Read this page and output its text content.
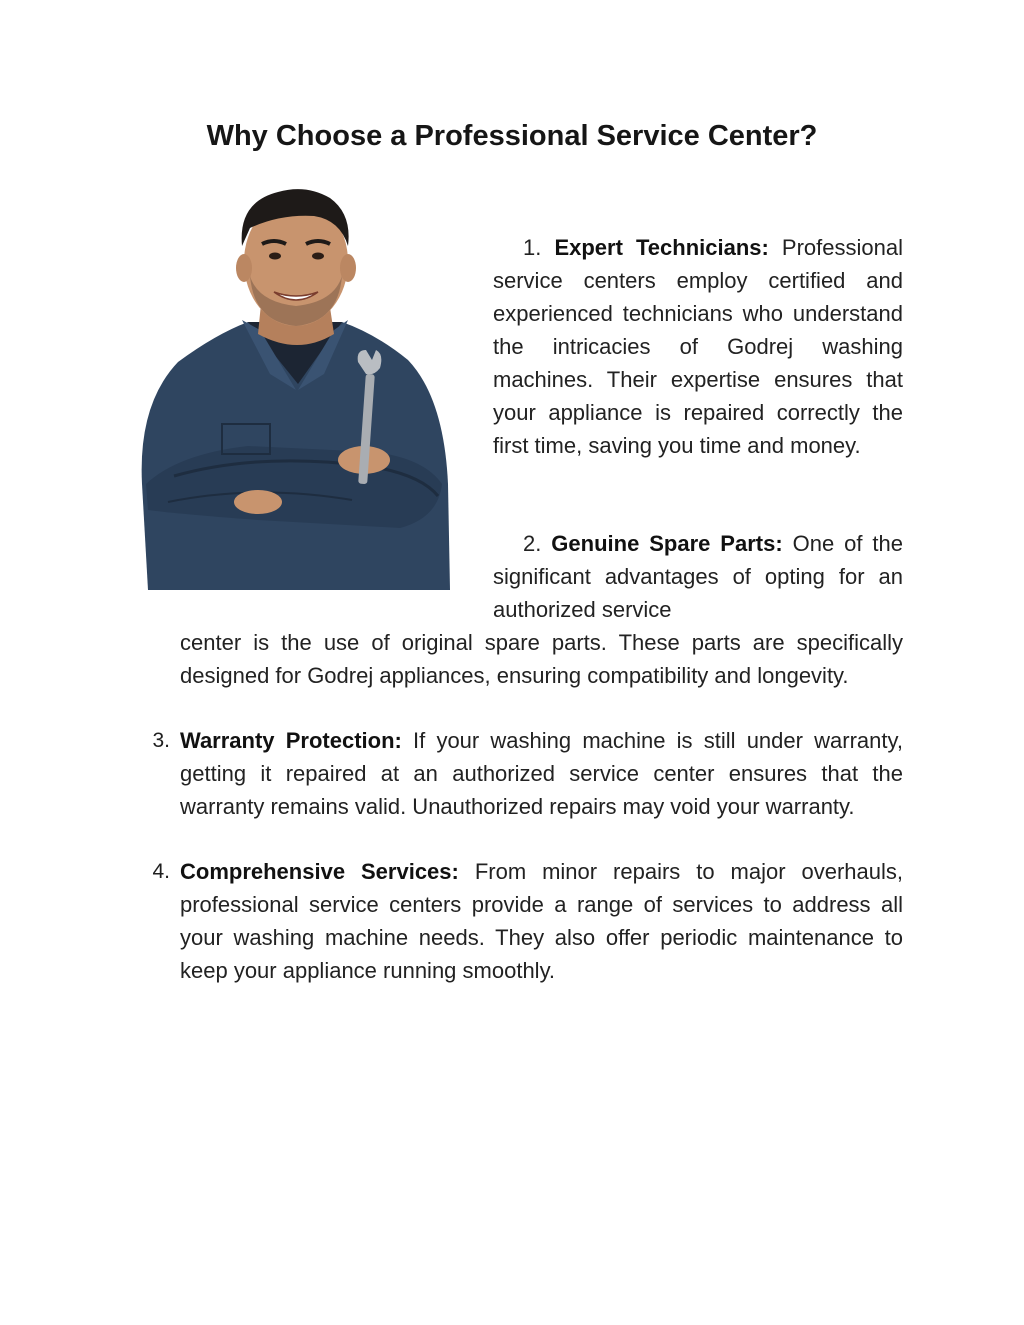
Why Choose a Professional Service Center?

1. Expert Technicians: Professional service centers employ certified and experienced technicians who understand the intricacies of Godrej washing machines. Their expertise ensures that your appliance is repaired correctly the first time, saving you time and money.

2. Genuine Spare Parts: One of the significant advantages of opting for an authorized service

center is the use of original spare parts. These parts are specifically designed for Godrej appliances, ensuring compatibility and longevity.

3. Warranty Protection: If your washing machine is still under warranty, getting it repaired at an authorized service center ensures that the warranty remains valid. Unauthorized repairs may void your warranty.

4. Comprehensive Services: From minor repairs to major overhauls, professional service centers provide a range of services to address all your washing machine needs. They also offer periodic maintenance to keep your appliance running smoothly.
